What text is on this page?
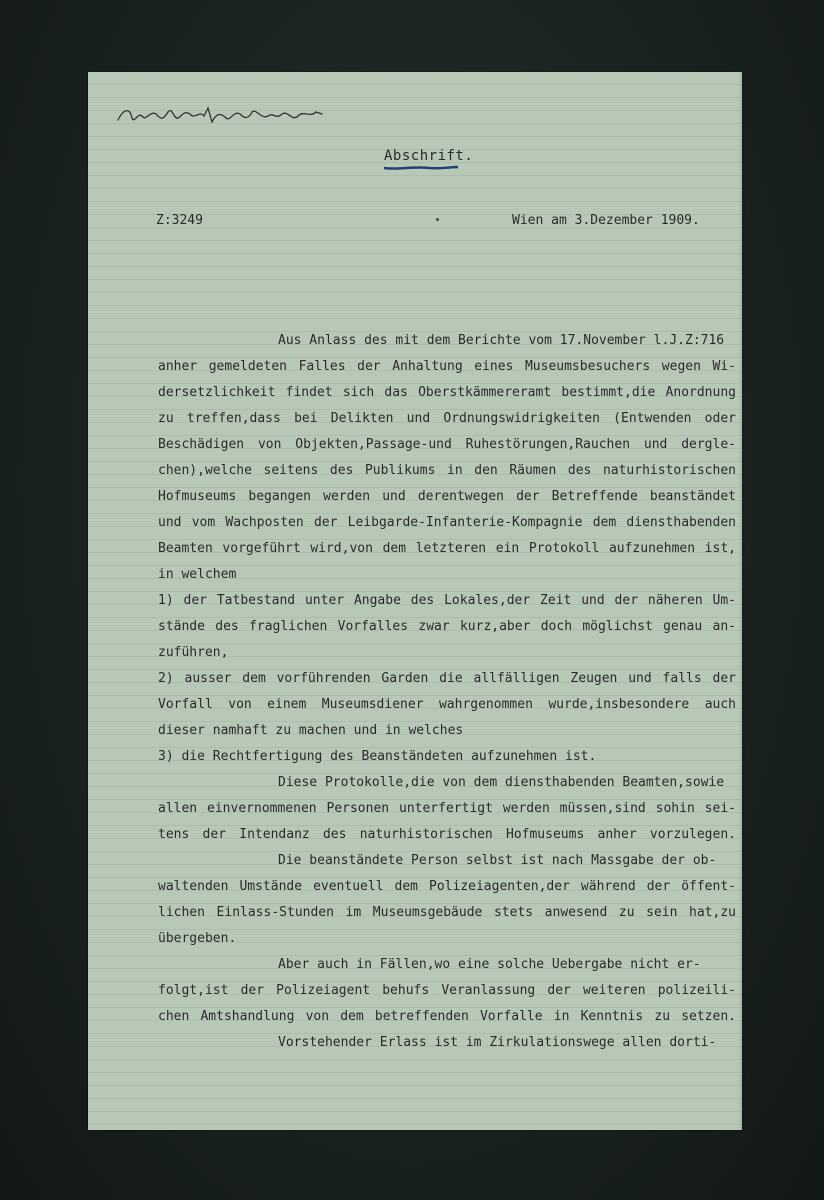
Abschrift.
Z:3249	Wien am 3.Dezember 1909.
Aus Anlass des mit dem Berichte vom 17.November l.J.Z:716
anher gemeldeten Falles der Anhaltung eines Museumsbesuchers wegen Wi-
dersetzlichkeit findet sich das Oberstkämmereramt bestimmt,die Anordnung
zu treffen,dass bei Delikten und Ordnungswidrigkeiten (Entwenden oder
Beschädigen von Objekten,Passage-und Ruhestörungen,Rauchen und dergle-
chen),welche seitens des Publikums in den Räumen des naturhistorischen
Hofmuseums begangen werden und derentwegen der Betreffende beanständet
und vom Wachposten der Leibgarde-Infanterie-Kompagnie dem diensthabenden
Beamten vorgeführt wird,von dem letzteren ein Protokoll aufzunehmen ist,
in welchem
1) der Tatbestand unter Angabe des Lokales,der Zeit und der näheren Um-
stände des fraglichen Vorfalles zwar kurz,aber doch möglichst genau an-
zuführen,
2) ausser dem vorführenden Garden die allfälligen Zeugen und falls der
Vorfall von einem Museumsdiener wahrgenommen wurde,insbesondere auch
dieser namhaft zu machen und in welches
3) die Rechtfertigung des Beanständeten aufzunehmen ist.
Diese Protokolle,die von dem diensthabenden Beamten,sowie
allen einvernommenen Personen unterfertigt werden müssen,sind sohin sei-
tens der Intendanz des naturhistorischen Hofmuseums anher vorzulegen.
Die beanständete Person selbst ist nach Massgabe der ob-
waltenden Umstände eventuell dem Polizeiagenten,der während der öffent-
lichen Einlass-Stunden im Museumsgebäude stets anwesend zu sein hat,zu
übergeben.
Aber auch in Fällen,wo eine solche Uebergabe nicht er-
folgt,ist der Polizeiagent behufs Veranlassung der weiteren polizeili-
chen Amtshandlung von dem betreffenden Vorfalle in Kenntnis zu setzen.
Vorstehender Erlass ist im Zirkulationswege allen dorti-
